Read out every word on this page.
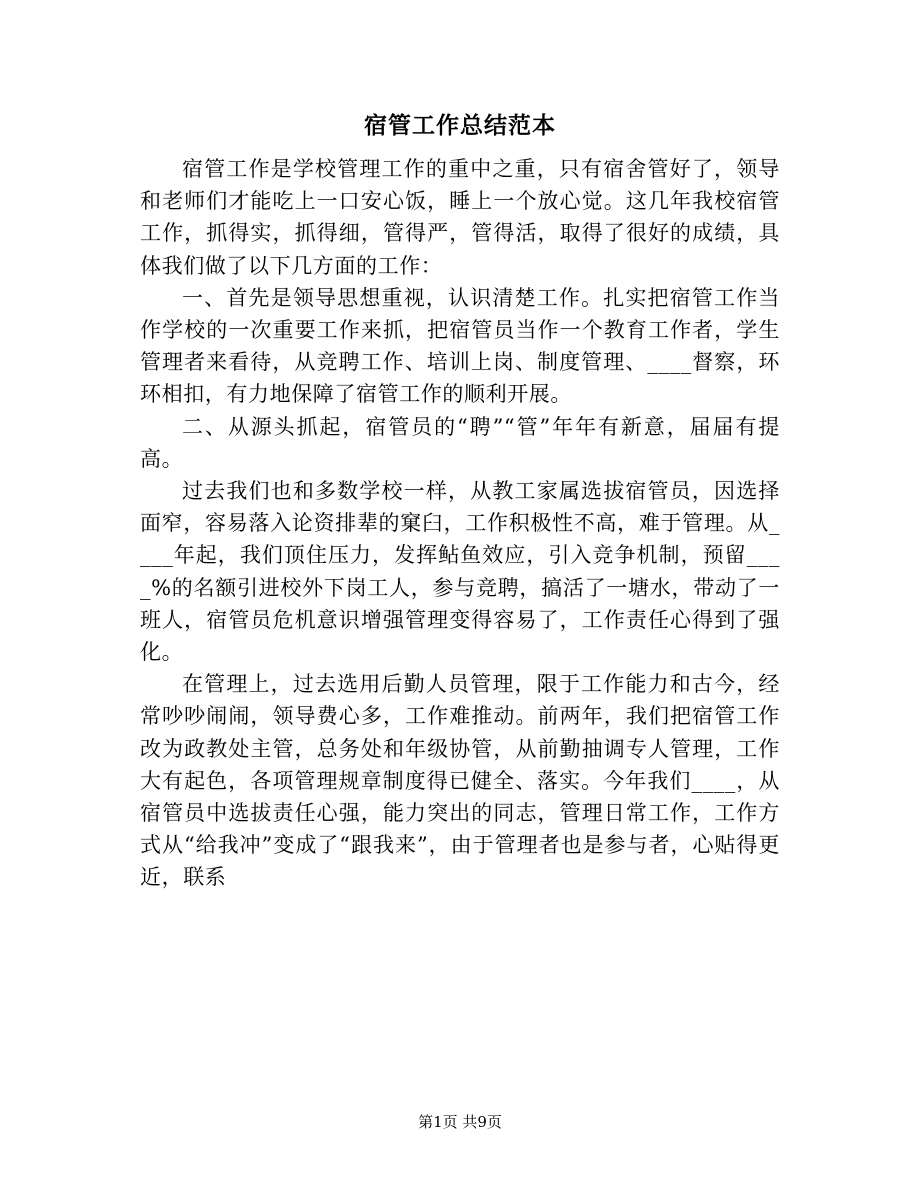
宿管工作总结范本

宿管工作是学校管理工作的重中之重，只有宿舍管好了，领导和老师们才能吃上一口安心饭，睡上一个放心觉。这几年我校宿管工作，抓得实，抓得细，管得严，管得活，取得了很好的成绩，具体我们做了以下几方面的工作：

一、首先是领导思想重视，认识清楚工作。扎实把宿管工作当作学校的一次重要工作来抓，把宿管员当作一个教育工作者，学生管理者来看待，从竞聘工作、培训上岗、制度管理、____督察，环环相扣，有力地保障了宿管工作的顺利开展。

二、从源头抓起，宿管员的“聘”“管”年年有新意，届届有提高。

过去我们也和多数学校一样，从教工家属选拔宿管员，因选择面窄，容易落入论资排辈的窠臼，工作积极性不高，难于管理。从____年起，我们顶住压力，发挥鲇鱼效应，引入竞争机制，预留____%的名额引进校外下岗工人，参与竞聘，搞活了一塘水，带动了一班人，宿管员危机意识增强管理变得容易了，工作责任心得到了强化。

在管理上，过去选用后勤人员管理，限于工作能力和古今，经常吵吵闹闹，领导费心多，工作难推动。前两年，我们把宿管工作改为政教处主管，总务处和年级协管，从前勤抽调专人管理，工作大有起色，各项管理规章制度得已健全、落实。今年我们____，从宿管员中选拔责任心强，能力突出的同志，管理日常工作，工作方式从“给我冲”变成了“跟我来”，由于管理者也是参与者，心贴得更近，联系

第1页 共9页
